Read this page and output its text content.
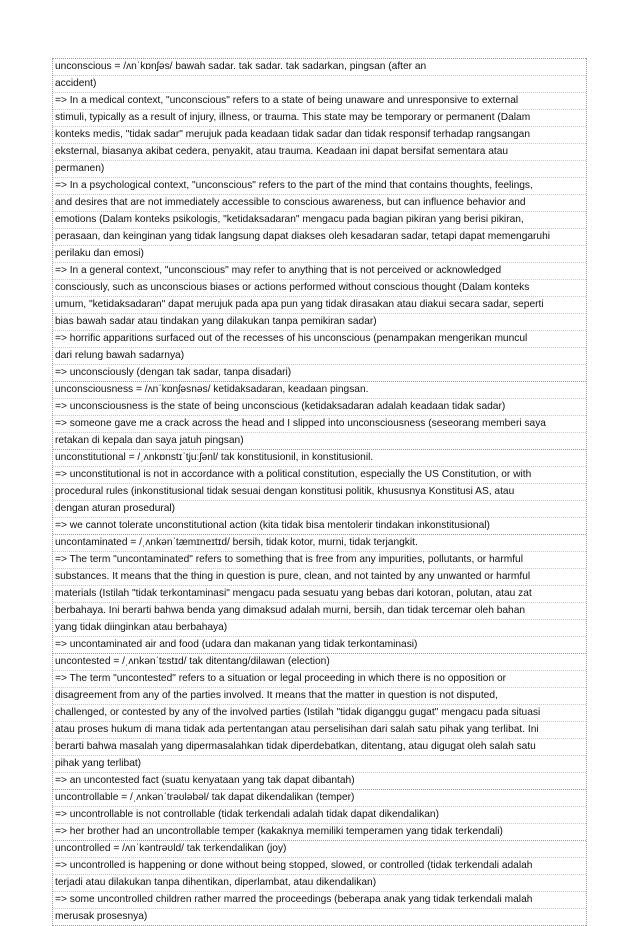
unconscious = /ʌnˈkɒnʃəs/ bawah sadar. tak sadar. tak sadarkan, pingsan (after an
accident)
=> In a medical context, "unconscious" refers to a state of being unaware and unresponsive to external
stimuli, typically as a result of injury, illness, or trauma. This state may be temporary or permanent (Dalam
konteks medis, "tidak sadar" merujuk pada keadaan tidak sadar dan tidak responsif terhadap rangsangan
eksternal, biasanya akibat cedera, penyakit, atau trauma. Keadaan ini dapat bersifat sementara atau
permanen)
=> In a psychological context, "unconscious" refers to the part of the mind that contains thoughts, feelings,
and desires that are not immediately accessible to conscious awareness, but can influence behavior and
emotions (Dalam konteks psikologis, "ketidaksadaran" mengacu pada bagian pikiran yang berisi pikiran,
perasaan, dan keinginan yang tidak langsung dapat diakses oleh kesadaran sadar, tetapi dapat memengaruhi
perilaku dan emosi)
=> In a general context, "unconscious" may refer to anything that is not perceived or acknowledged
consciously, such as unconscious biases or actions performed without conscious thought (Dalam konteks
umum, "ketidaksadaran" dapat merujuk pada apa pun yang tidak dirasakan atau diakui secara sadar, seperti
bias bawah sadar atau tindakan yang dilakukan tanpa pemikiran sadar)
=> horrific apparitions surfaced out of the recesses of his unconscious (penampakan mengerikan muncul
dari relung bawah sadarnya)
=> unconsciously (dengan tak sadar, tanpa disadari)
unconsciousness = /ʌnˈkɒnʃəsnəs/ ketidaksadaran, keadaan pingsan.
=> unconsciousness is the state of being unconscious (ketidaksadaran adalah keadaan tidak sadar)
=> someone gave me a crack across the head and I slipped into unconsciousness (seseorang memberi saya
retakan di kepala dan saya jatuh pingsan)
unconstitutional = /ˌʌnkɒnstɪˈtjuːʃənl/ tak konstitusionil, in konstitusionil.
=> unconstitutional is not in accordance with a political constitution, especially the US Constitution, or with
procedural rules (inkonstitusional tidak sesuai dengan konstitusi politik, khususnya Konstitusi AS, atau
dengan aturan prosedural)
=> we cannot tolerate unconstitutional action (kita tidak bisa mentolerir tindakan inkonstitusional)
uncontaminated = /ˌʌnkənˈtæmɪneɪtɪd/ bersih, tidak kotor, murni, tidak terjangkit.
=> The term "uncontaminated" refers to something that is free from any impurities, pollutants, or harmful
substances. It means that the thing in question is pure, clean, and not tainted by any unwanted or harmful
materials (Istilah "tidak terkontaminasi" mengacu pada sesuatu yang bebas dari kotoran, polutan, atau zat
berbahaya. Ini berarti bahwa benda yang dimaksud adalah murni, bersih, dan tidak tercemar oleh bahan
yang tidak diinginkan atau berbahaya)
=> uncontaminated air and food (udara dan makanan yang tidak terkontaminasi)
uncontested = /ˌʌnkənˈtɛstɪd/ tak ditentang/dilawan (election)
=> The term "uncontested" refers to a situation or legal proceeding in which there is no opposition or
disagreement from any of the parties involved. It means that the matter in question is not disputed,
challenged, or contested by any of the involved parties (Istilah "tidak diganggu gugat" mengacu pada situasi
atau proses hukum di mana tidak ada pertentangan atau perselisihan dari salah satu pihak yang terlibat. Ini
berarti bahwa masalah yang dipermasalahkan tidak diperdebatkan, ditentang, atau digugat oleh salah satu
pihak yang terlibat)
=> an uncontested fact (suatu kenyataan yang tak dapat dibantah)
uncontrollable = /ˌʌnkənˈtrəʊləbəl/ tak dapat dikendalikan (temper)
=> uncontrollable is not controllable (tidak terkendali adalah tidak dapat dikendalikan)
=> her brother had an uncontrollable temper (kakaknya memiliki temperamen yang tidak terkendali)
uncontrolled = /ʌnˈkəntrəʊld/ tak terkendalikan (joy)
=> uncontrolled is happening or done without being stopped, slowed, or controlled (tidak terkendali adalah
terjadi atau dilakukan tanpa dihentikan, diperlambat, atau dikendalikan)
=> some uncontrolled children rather marred the proceedings (beberapa anak yang tidak terkendali malah
merusak prosesnya)
